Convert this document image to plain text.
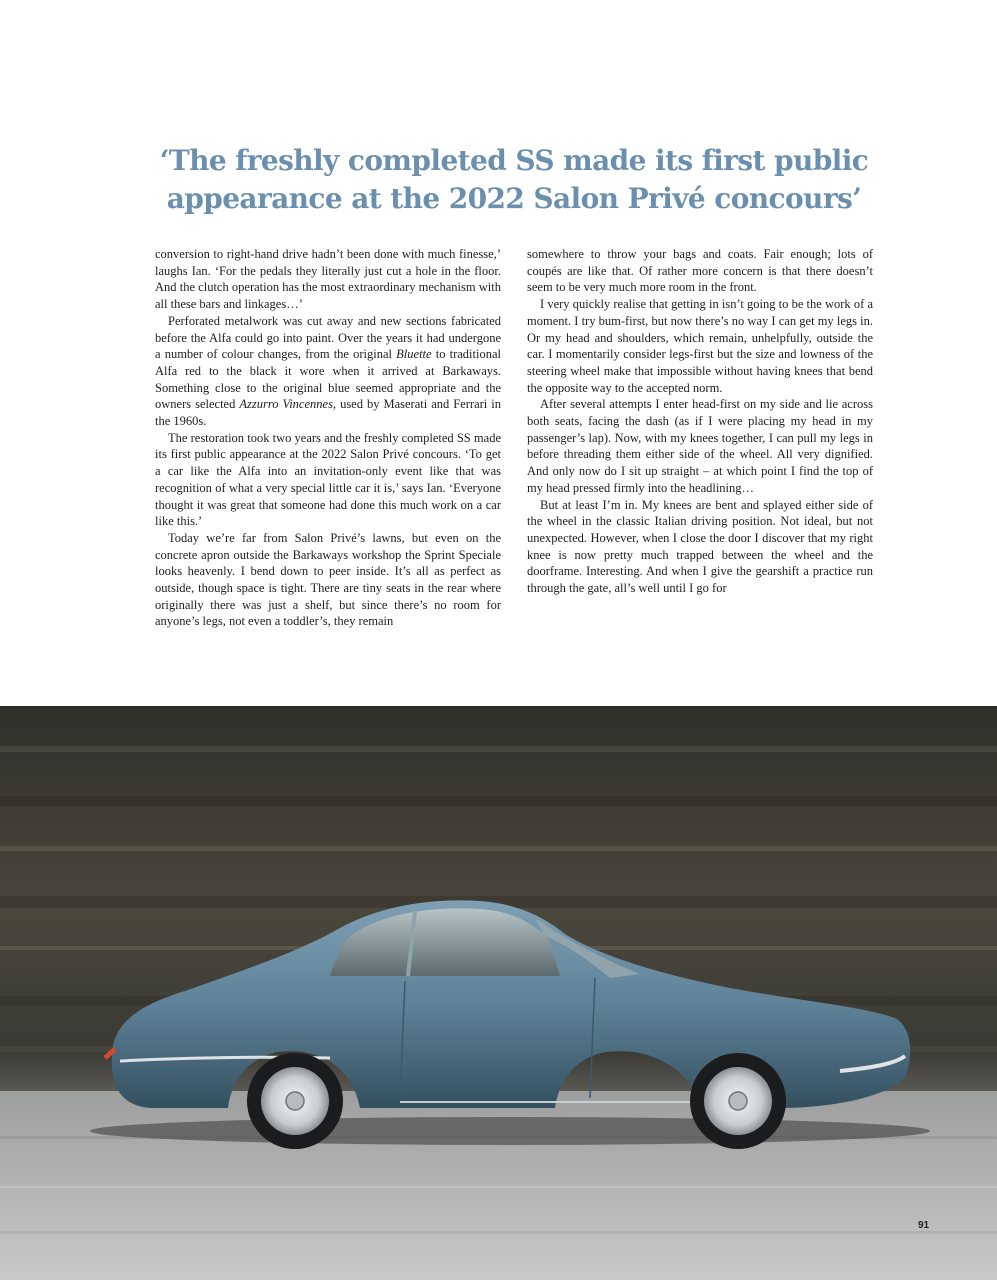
‘The freshly completed SS made its first public
appearance at the 2022 Salon Privé concours’

conversion to right-hand drive hadn’t been done with much finesse,’ laughs Ian. ‘For the pedals they literally just cut a hole in the floor. And the clutch operation has the most extraordinary mechanism with all these bars and linkages…’

Perforated metalwork was cut away and new sections fabricated before the Alfa could go into paint. Over the years it had undergone a number of colour changes, from the original Bluette to traditional Alfa red to the black it wore when it arrived at Barkaways. Something close to the original blue seemed appropriate and the owners selected Azzurro Vincennes, used by Maserati and Ferrari in the 1960s.

The restoration took two years and the freshly completed SS made its first public appearance at the 2022 Salon Privé concours. ‘To get a car like the Alfa into an invitation-only event like that was recognition of what a very special little car it is,’ says Ian. ‘Everyone thought it was great that someone had done this much work on a car like this.’

Today we’re far from Salon Privé’s lawns, but even on the concrete apron outside the Barkaways workshop the Sprint Speciale looks heavenly. I bend down to peer inside. It’s all as perfect as outside, though space is tight. There are tiny seats in the rear where originally there was just a shelf, but since there’s no room for anyone’s legs, not even a toddler’s, they remain

somewhere to throw your bags and coats. Fair enough; lots of coupés are like that. Of rather more concern is that there doesn’t seem to be very much more room in the front.

I very quickly realise that getting in isn’t going to be the work of a moment. I try bum-first, but now there’s no way I can get my legs in. Or my head and shoulders, which remain, unhelpfully, outside the car. I momentarily consider legs-first but the size and lowness of the steering wheel make that impossible without having knees that bend the opposite way to the accepted norm.

After several attempts I enter head-first on my side and lie across both seats, facing the dash (as if I were placing my head in my passenger’s lap). Now, with my knees together, I can pull my legs in before threading them either side of the wheel. All very dignified. And only now do I sit up straight – at which point I find the top of my head pressed firmly into the headlining…

But at least I’m in. My knees are bent and splayed either side of the wheel in the classic Italian driving position. Not ideal, but not unexpected. However, when I close the door I discover that my right knee is now pretty much trapped between the wheel and the doorframe. Interesting. And when I give the gearshift a practice run through the gate, all’s well until I go for

91
